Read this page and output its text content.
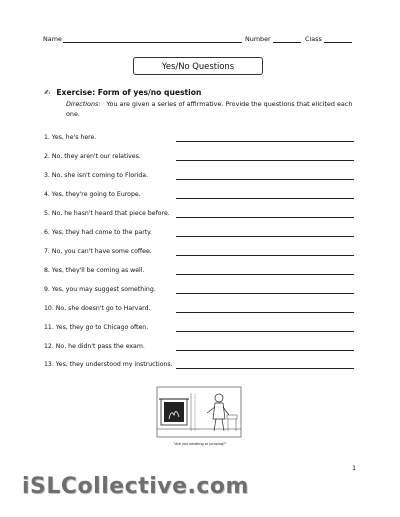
Name	Number	Class
Yes/No Questions
✍ Exercise: Form of yes/no question
Directions: You are given a series of affirmative. Provide the questions that elicited each one.
1. Yes, he's here.
2. No, they aren't our relatives.
3. No, she isn't coming to Florida.
4. Yes, they're going to Europe.
5. No, he hasn't heard that piece before.
6. Yes, they had come to the party.
7. No, you can't have some coffee.
8. Yes, they'll be coming as well.
9. Yes, you may suggest something.
10. No, she doesn't go to Harvard.
11. Yes, they go to Chicago often.
12. No, he didn't pass the exam.
13. Yes, they understood my instructions.
"Are you smoking or jumping?"
1
iSLCollective.com
